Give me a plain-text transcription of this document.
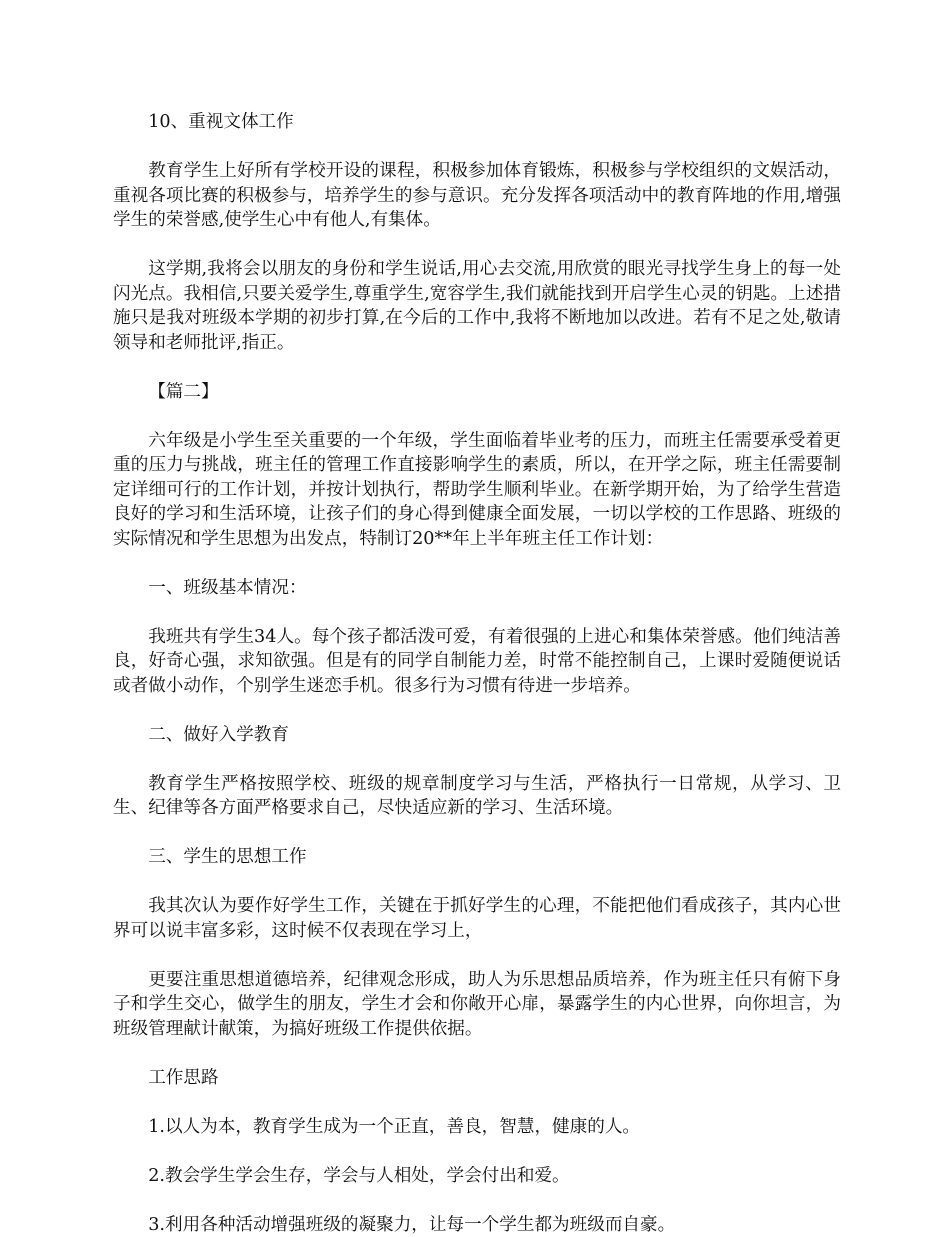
10、重视文体工作

教育学生上好所有学校开设的课程，积极参加体育锻炼，积极参与学校组织的文娱活动，重视各项比赛的积极参与，培养学生的参与意识。充分发挥各项活动中的教育阵地的作用,增强学生的荣誉感,使学生心中有他人,有集体。

这学期,我将会以朋友的身份和学生说话,用心去交流,用欣赏的眼光寻找学生身上的每一处闪光点。我相信,只要关爱学生,尊重学生,宽容学生,我们就能找到开启学生心灵的钥匙。上述措施只是我对班级本学期的初步打算,在今后的工作中,我将不断地加以改进。若有不足之处,敬请领导和老师批评,指正。

【篇二】

六年级是小学生至关重要的一个年级，学生面临着毕业考的压力，而班主任需要承受着更重的压力与挑战，班主任的管理工作直接影响学生的素质，所以，在开学之际，班主任需要制定详细可行的工作计划，并按计划执行，帮助学生顺利毕业。在新学期开始，为了给学生营造良好的学习和生活环境，让孩子们的身心得到健康全面发展，一切以学校的工作思路、班级的实际情况和学生思想为出发点，特制订20**年上半年班主任工作计划：

一、班级基本情况：

我班共有学生34人。每个孩子都活泼可爱，有着很强的上进心和集体荣誉感。他们纯洁善良，好奇心强，求知欲强。但是有的同学自制能力差，时常不能控制自己，上课时爱随便说话或者做小动作，个别学生迷恋手机。很多行为习惯有待进一步培养。

二、做好入学教育

教育学生严格按照学校、班级的规章制度学习与生活，严格执行一日常规，从学习、卫生、纪律等各方面严格要求自己，尽快适应新的学习、生活环境。

三、学生的思想工作

我其次认为要作好学生工作，关键在于抓好学生的心理，不能把他们看成孩子，其内心世界可以说丰富多彩，这时候不仅表现在学习上，

更要注重思想道德培养，纪律观念形成，助人为乐思想品质培养，作为班主任只有俯下身子和学生交心，做学生的朋友，学生才会和你敞开心扉，暴露学生的内心世界，向你坦言，为班级管理献计献策，为搞好班级工作提供依据。

工作思路

1.以人为本，教育学生成为一个正直，善良，智慧，健康的人。

2.教会学生学会生存，学会与人相处，学会付出和爱。

3.利用各种活动增强班级的凝聚力，让每一个学生都为班级而自豪。
